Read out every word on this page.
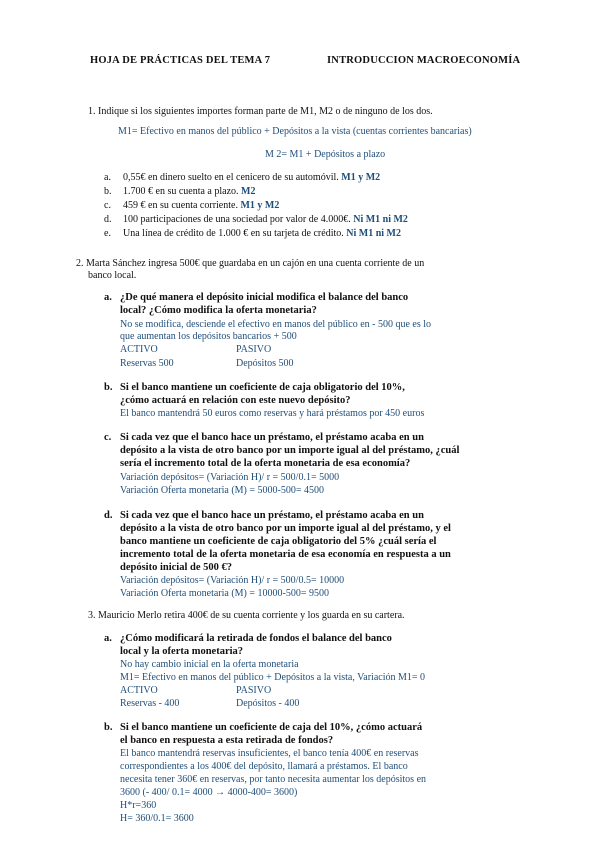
HOJA DE PRÁCTICAS DEL TEMA 7	INTRODUCCION MACROECONOMÍA
1. Indique si los siguientes importes forman parte de M1, M2 o de ninguno de los dos.
M1= Efectivo en manos del público + Depósitos a la vista (cuentas corrientes bancarias)
M 2= M1 + Depósitos a plazo
a. 0,55€ en dinero suelto en el cenicero de su automóvil. M1 y M2
b. 1.700 € en su cuenta a plazo. M2
c. 459 € en su cuenta corriente. M1 y M2
d. 100 participaciones de una sociedad por valor de 4.000€. Ni M1 ni M2
e. Una línea de crédito de 1.000 € en su tarjeta de crédito. Ni M1 ni M2
2. Marta Sánchez ingresa 500€ que guardaba en un cajón en una cuenta corriente de un
banco local.
a. ¿De qué manera el depósito inicial modifica el balance del banco
local? ¿Cómo modifica la oferta monetaria?
No se modifica, desciende el efectivo en manos del público en - 500 que es lo
que aumentan los depósitos bancarios + 500
ACTIVO	PASIVO
Reservas 500	Depósitos 500
b. Si el banco mantiene un coeficiente de caja obligatorio del 10%,
¿cómo actuará en relación con este nuevo depósito?
El banco mantendrá 50 euros como reservas y hará préstamos por 450 euros
c. Si cada vez que el banco hace un préstamo, el préstamo acaba en un
depósito a la vista de otro banco por un importe igual al del préstamo, ¿cuál
sería el incremento total de la oferta monetaria de esa economía?
Variación depósitos= (Variación H)/ r = 500/0.1= 5000
Variación Oferta monetaria (M) = 5000-500= 4500
d. Si cada vez que el banco hace un préstamo, el préstamo acaba en un
depósito a la vista de otro banco por un importe igual al del préstamo, y el
banco mantiene un coeficiente de caja obligatorio del 5% ¿cuál sería el
incremento total de la oferta monetaria de esa economía en respuesta a un
depósito inicial de 500 €?
Variación depósitos= (Variación H)/ r = 500/0.5= 10000
Variación Oferta monetaria (M) = 10000-500= 9500
3. Mauricio Merlo retira 400€ de su cuenta corriente y los guarda en su cartera.
a. ¿Cómo modificará la retirada de fondos el balance del banco
local y la oferta monetaria?
No hay cambio inicial en la oferta monetaria
M1= Efectivo en manos del público + Depósitos a la vista, Variación M1= 0
ACTIVO	PASIVO
Reservas - 400	Depósitos - 400
b. Si el banco mantiene un coeficiente de caja del 10%, ¿cómo actuará
el banco en respuesta a esta retirada de fondos?
El banco mantendrá reservas insuficientes, el banco tenía 400€ en reservas
correspondientes a los 400€ del depósito, llamará a préstamos. El banco
necesita tener 360€ en reservas, por tanto necesita aumentar los depósitos en
3600 (- 400/ 0.1= 4000 → 4000-400= 3600)
H*r=360
H= 360/0.1= 3600
